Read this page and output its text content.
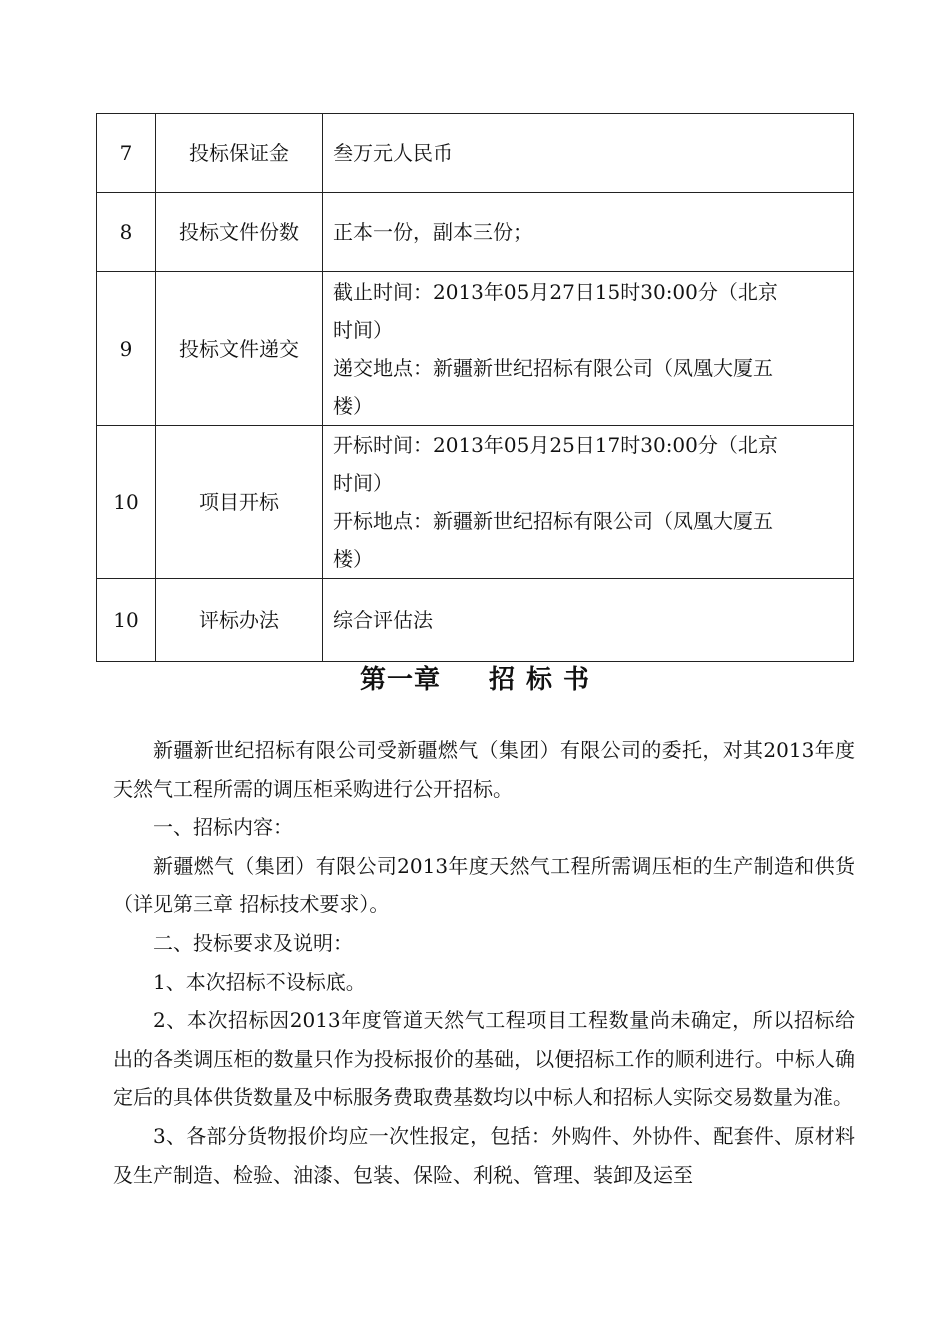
7	投标保证金	叁万元人民币

8	投标文件份数	正本一份，副本三份；

9	投标文件递交	截止时间：2013年05月27日15时30:00分（北京
时间）
递交地点：新疆新世纪招标有限公司（凤凰大厦五
楼）

10	项目开标	开标时间：2013年05月25日17时30:00分（北京
时间）
开标地点：新疆新世纪招标有限公司（凤凰大厦五
楼）

10	评标办法	综合评估法
第一章 招 标 书

新疆新世纪招标有限公司受新疆燃气（集团）有限公司的委托，对其2013年度天然气工程所需的调压柜采购进行公开招标。

一、招标内容：

新疆燃气（集团）有限公司2013年度天然气工程所需调压柜的生产制造和供货（详见第三章 招标技术要求）。

二、投标要求及说明：

1、本次招标不设标底。

2、本次招标因2013年度管道天然气工程项目工程数量尚未确定，所以招标给出的各类调压柜的数量只作为投标报价的基础，以便招标工作的顺利进行。中标人确定后的具体供货数量及中标服务费取费基数均以中标人和招标人实际交易数量为准。

3、各部分货物报价均应一次性报定，包括：外购件、外协件、配套件、原材料及生产制造、检验、油漆、包装、保险、利税、管理、装卸及运至
